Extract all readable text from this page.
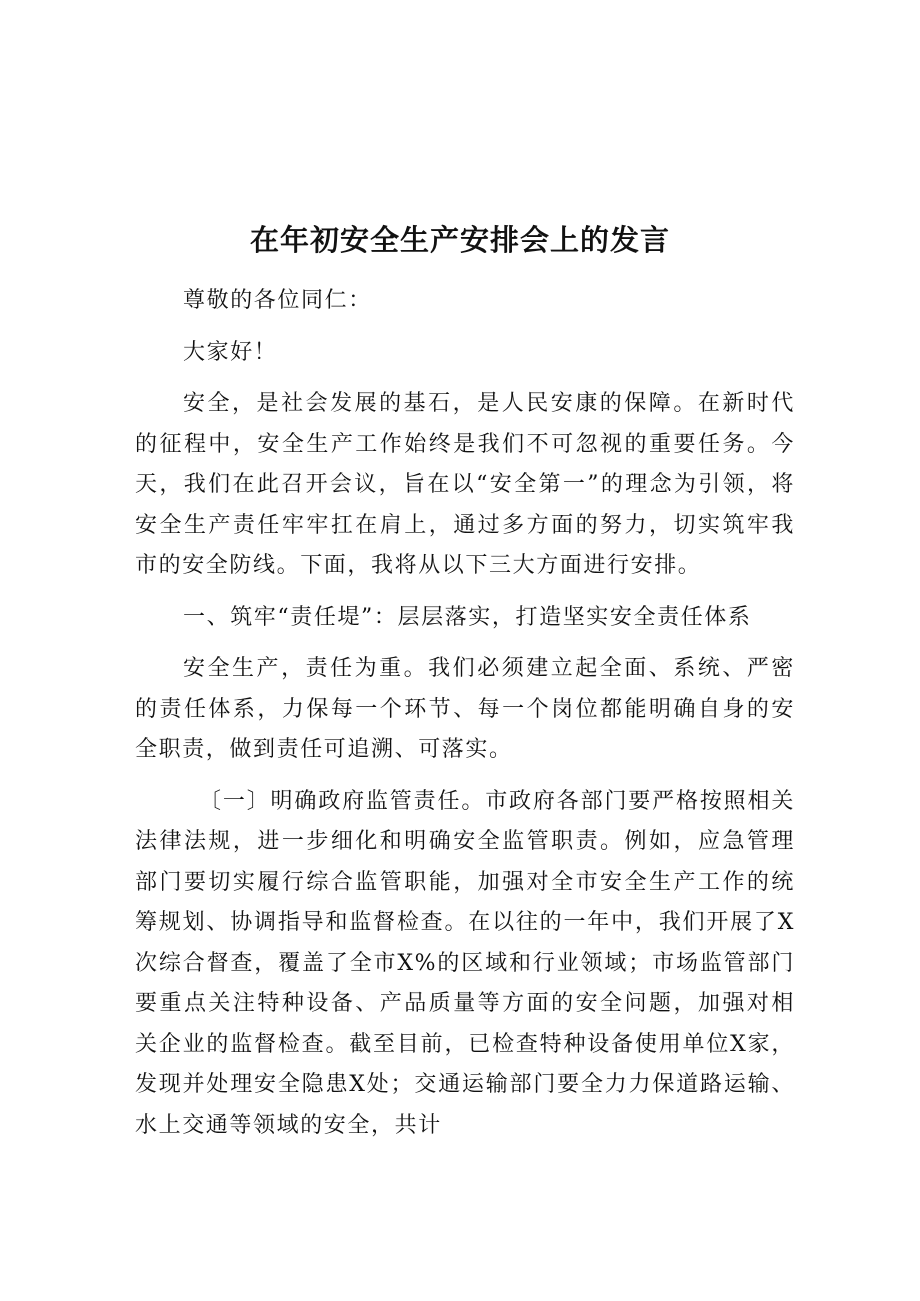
在年初安全生产安排会上的发言

尊敬的各位同仁：

大家好！

安全，是社会发展的基石，是人民安康的保障。在新时代的征程中，安全生产工作始终是我们不可忽视的重要任务。今天，我们在此召开会议，旨在以“安全第一”的理念为引领，将安全生产责任牢牢扛在肩上，通过多方面的努力，切实筑牢我市的安全防线。下面，我将从以下三大方面进行安排。

一、筑牢“责任堤”：层层落实，打造坚实安全责任体系

安全生产，责任为重。我们必须建立起全面、系统、严密的责任体系，力保每一个环节、每一个岗位都能明确自身的安全职责，做到责任可追溯、可落实。

〔一〕明确政府监管责任。市政府各部门要严格按照相关法律法规，进一步细化和明确安全监管职责。例如，应急管理部门要切实履行综合监管职能，加强对全市安全生产工作的统筹规划、协调指导和监督检查。在以往的一年中，我们开展了X次综合督查，覆盖了全市X%的区域和行业领域；市场监管部门要重点关注特种设备、产品质量等方面的安全问题，加强对相关企业的监督检查。截至目前，已检查特种设备使用单位X家，发现并处理安全隐患X处；交通运输部门要全力力保道路运输、水上交通等领域的安全，共计
